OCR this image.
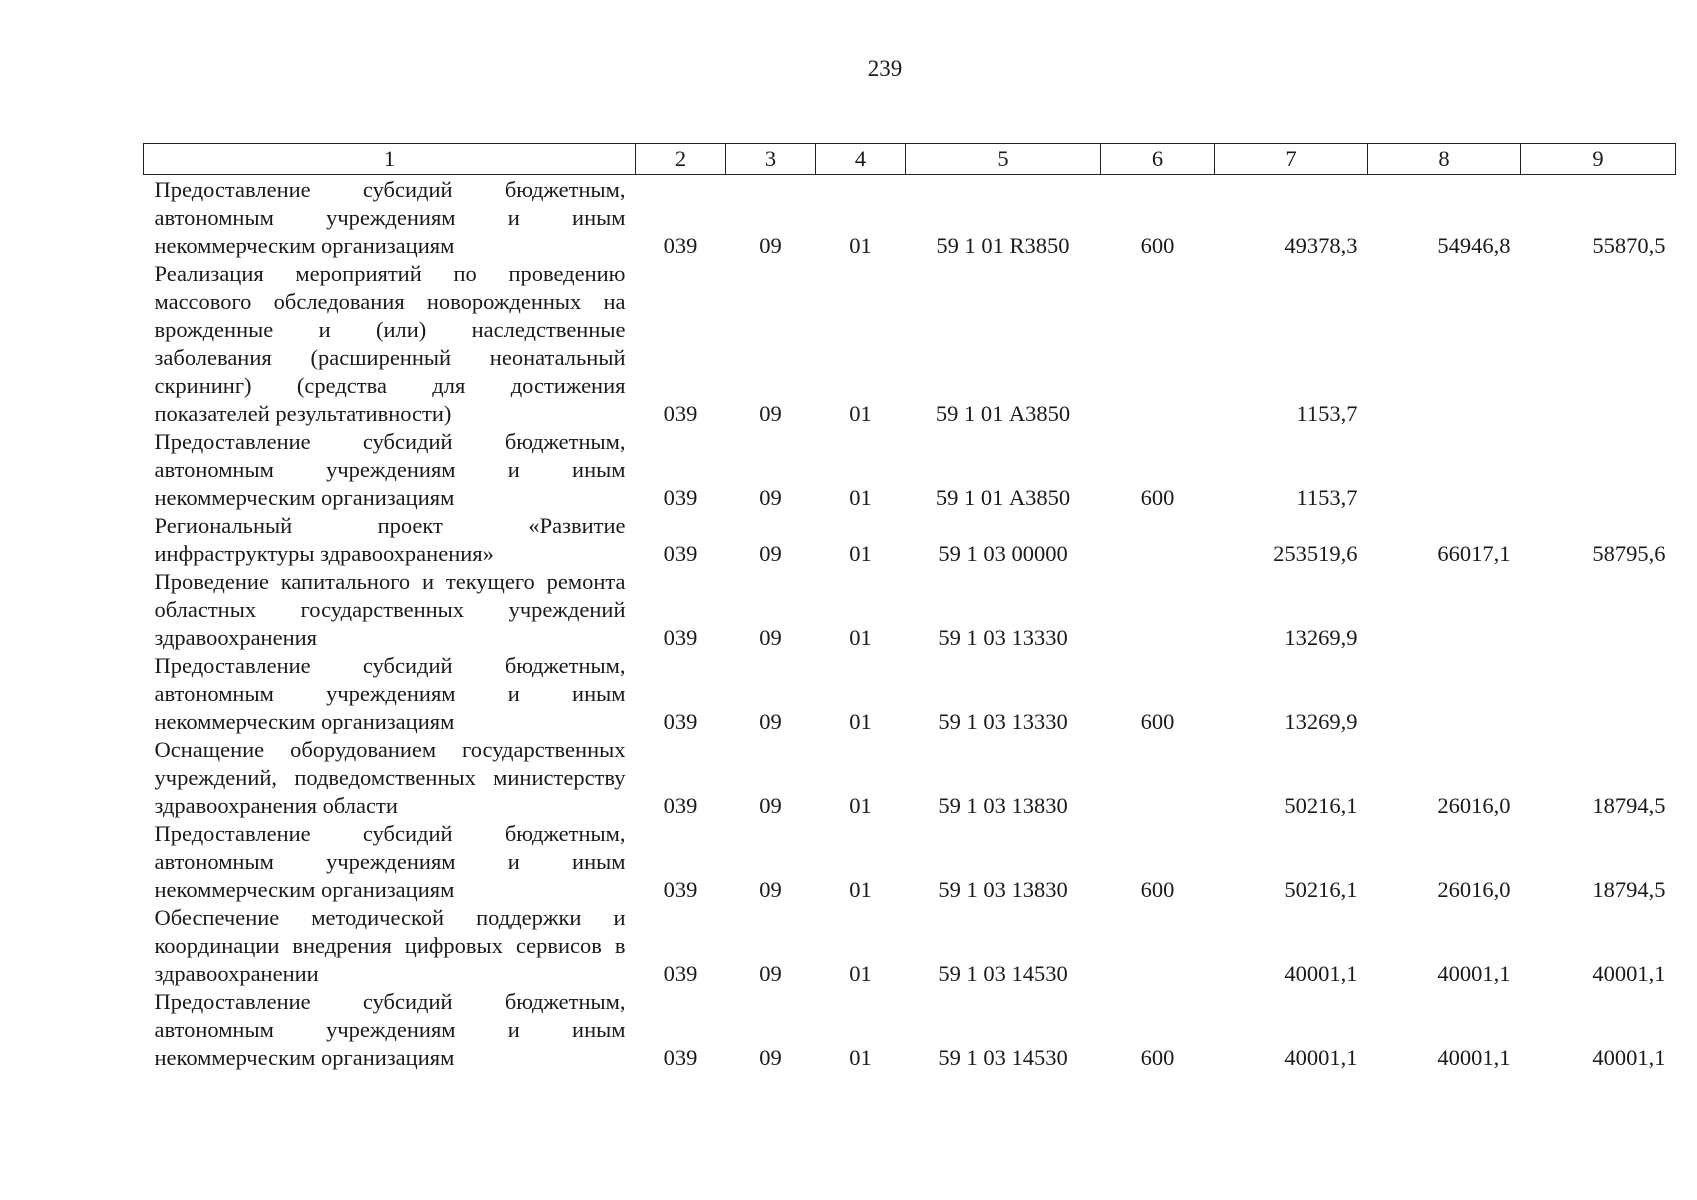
239
1	2	3	4	5	6	7	8	9

Предоставление субсидий бюджетным, автономным учреждениям и иным некоммерческим организациям	039	09	01	59 1 01 R3850	600	49378,3	54946,8	55870,5
Реализация мероприятий по проведению массового обследования новорожденных на врожденные и (или) наследственные заболевания (расширенный неонатальный скрининг) (средства для достижения показателей результативности)	039	09	01	59 1 01 А3850		1153,7		
Предоставление субсидий бюджетным, автономным учреждениям и иным некоммерческим организациям	039	09	01	59 1 01 А3850	600	1153,7		
Региональный проект «Развитие инфраструктуры здравоохранения»	039	09	01	59 1 03 00000		253519,6	66017,1	58795,6
Проведение капитального и текущего ремонта областных государственных учреждений здравоохранения	039	09	01	59 1 03 13330		13269,9		
Предоставление субсидий бюджетным, автономным учреждениям и иным некоммерческим организациям	039	09	01	59 1 03 13330	600	13269,9		
Оснащение оборудованием государственных учреждений, подведомственных министерству здравоохранения области	039	09	01	59 1 03 13830		50216,1	26016,0	18794,5
Предоставление субсидий бюджетным, автономным учреждениям и иным некоммерческим организациям	039	09	01	59 1 03 13830	600	50216,1	26016,0	18794,5
Обеспечение методической поддержки и координации внедрения цифровых сервисов в здравоохранении	039	09	01	59 1 03 14530		40001,1	40001,1	40001,1
Предоставление субсидий бюджетным, автономным учреждениям и иным некоммерческим организациям	039	09	01	59 1 03 14530	600	40001,1	40001,1	40001,1
